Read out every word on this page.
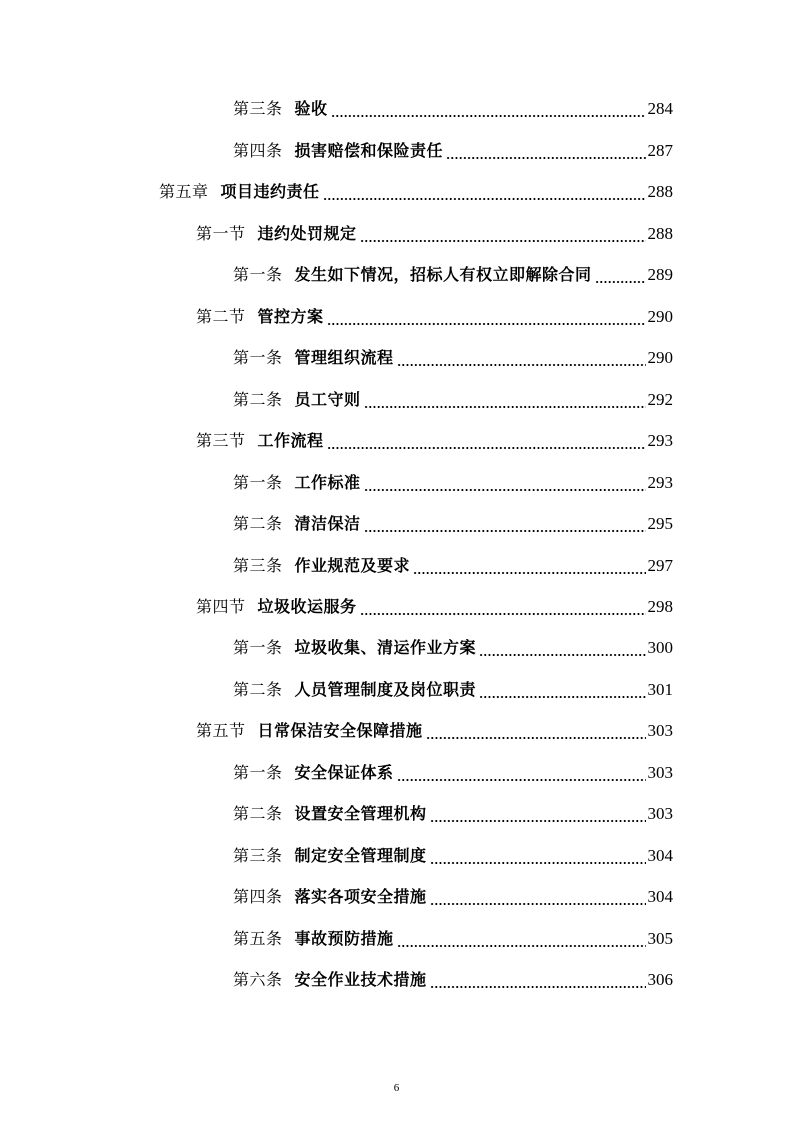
第三条 验收	284
第四条 损害赔偿和保险责任	287
第五章 项目违约责任	288
第一节 违约处罚规定	288
第一条 发生如下情况，招标人有权立即解除合同	289
第二节 管控方案	290
第一条 管理组织流程	290
第二条 员工守则	292
第三节 工作流程	293
第一条 工作标准	293
第二条 清洁保洁	295
第三条 作业规范及要求	297
第四节 垃圾收运服务	298
第一条 垃圾收集、清运作业方案	300
第二条 人员管理制度及岗位职责	301
第五节 日常保洁安全保障措施	303
第一条 安全保证体系	303
第二条 设置安全管理机构	303
第三条 制定安全管理制度	304
第四条 落实各项安全措施	304
第五条 事故预防措施	305
第六条 安全作业技术措施	306
6
